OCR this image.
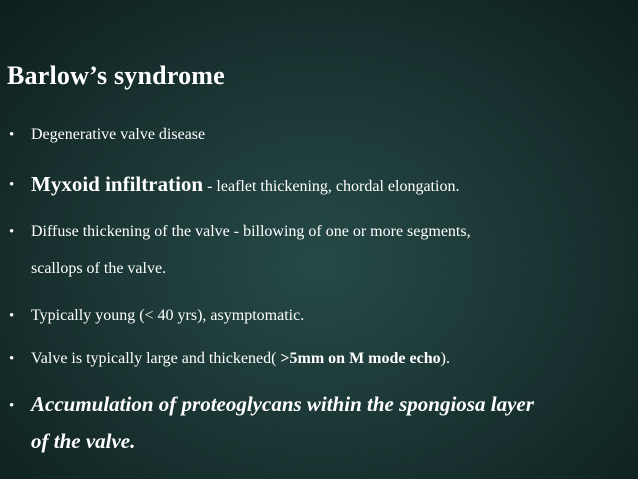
Barlow’s syndrome
• Degenerative valve disease
• Myxoid infiltration - leaflet thickening, chordal elongation.
• Diffuse thickening of the valve - billowing of one or more segments,
scallops of the valve.
• Typically young (< 40 yrs), asymptomatic.
• Valve is typically large and thickened( >5mm on M mode echo).
• Accumulation of proteoglycans within the spongiosa layer
of the valve.
